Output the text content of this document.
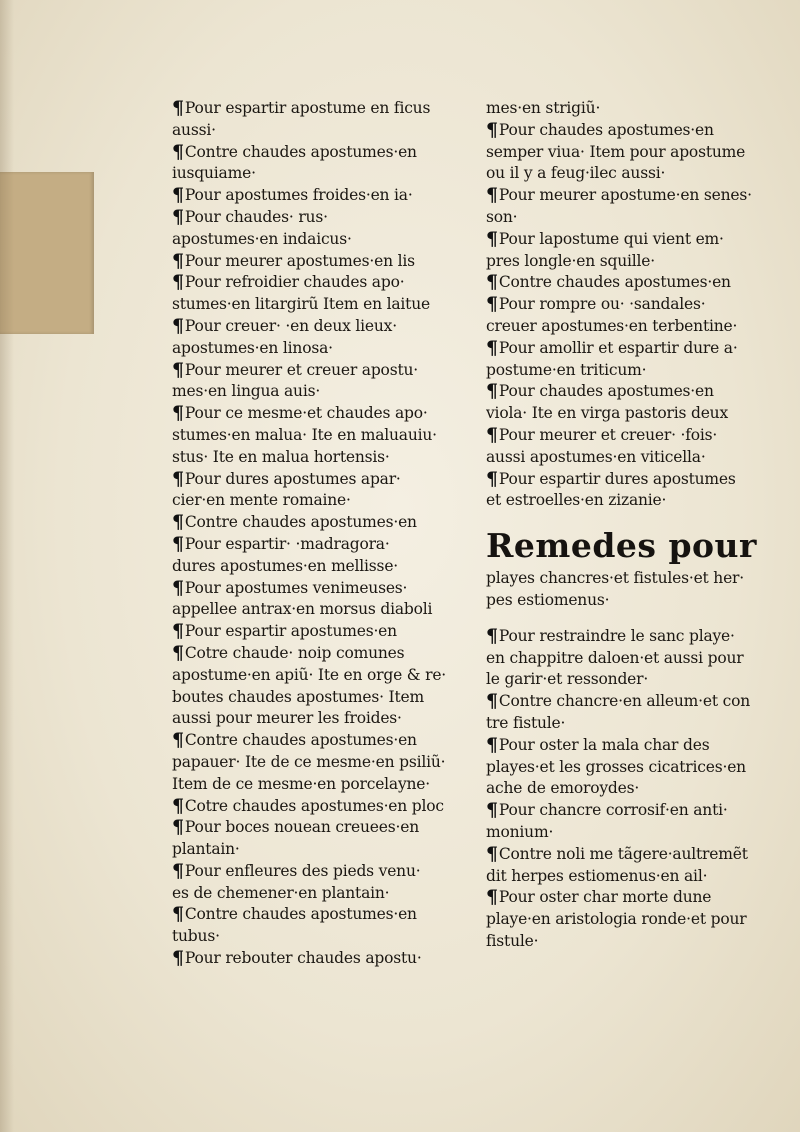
¶Pour espartir apostume en ficus
aussi·
¶Contre chaudes apostumes·en
iusquiame·
¶Pour apostumes froides·en ia·
¶Pour chaudes· rus·
apostumes·en indaicus·
¶Pour meurer apostumes·en lis
¶Pour refroidier chaudes apo·
stumes·en litargirũ Item en laitue
¶Pour creuer· ·en deux lieux·
apostumes·en linosa·
¶Pour meurer et creuer apostu·
mes·en lingua auis·
¶Pour ce mesme·et chaudes apo·
stumes·en malua· Ite en maluauiu·
stus· Ite en malua hortensis·
¶Pour dures apostumes apar·
cier·en mente romaine·
¶Contre chaudes apostumes·en
¶Pour espartir· ·madragora·
dures apostumes·en mellisse·
¶Pour apostumes venimeuses·
appellee antrax·en morsus diaboli
¶Pour espartir apostumes·en
¶Cotre chaude· noip comunes
apostume·en apiũ· Ite en orge & re·
boutes chaudes apostumes· Item
aussi pour meurer les froides·
¶Contre chaudes apostumes·en
papauer· Ite de ce mesme·en psiliũ·
Item de ce mesme·en porcelayne·
¶Cotre chaudes apostumes·en ploc
¶Pour boces nouean creuees·en
plantain·
¶Pour enfleures des pieds venu·
es de chemener·en plantain·
¶Contre chaudes apostumes·en
tubus·
¶Pour rebouter chaudes apostu·
mes·en strigiũ·
¶Pour chaudes apostumes·en
semper viua· Item pour apostume
ou il y a feug·ilec aussi·
¶Pour meurer apostume·en senes·
son·
¶Pour lapostume qui vient em·
pres longle·en squille·
¶Contre chaudes apostumes·en
¶Pour rompre ou· ·sandales·
creuer apostumes·en terbentine·
¶Pour amollir et espartir dure a·
postume·en triticum·
¶Pour chaudes apostumes·en
viola· Ite en virga pastoris deux
¶Pour meurer et creuer· ·fois·
aussi apostumes·en viticella·
¶Pour espartir dures apostumes
et estroelles·en zizanie·
Remedes pour
playes chancres·et fistules·et her·
pes estiomenus·
¶Pour restraindre le sanc playe·
en chappitre daloen·et aussi pour
le garir·et ressonder·
¶Contre chancre·en alleum·et con
tre fistule·
¶Pour oster la mala char des
playes·et les grosses cicatrices·en
ache de emoroydes·
¶Pour chancre corrosif·en anti·
monium·
¶Contre noli me tãgere·aultremẽt
dit herpes estiomenus·en ail·
¶Pour oster char morte dune
playe·en aristologia ronde·et pour
fistule·
